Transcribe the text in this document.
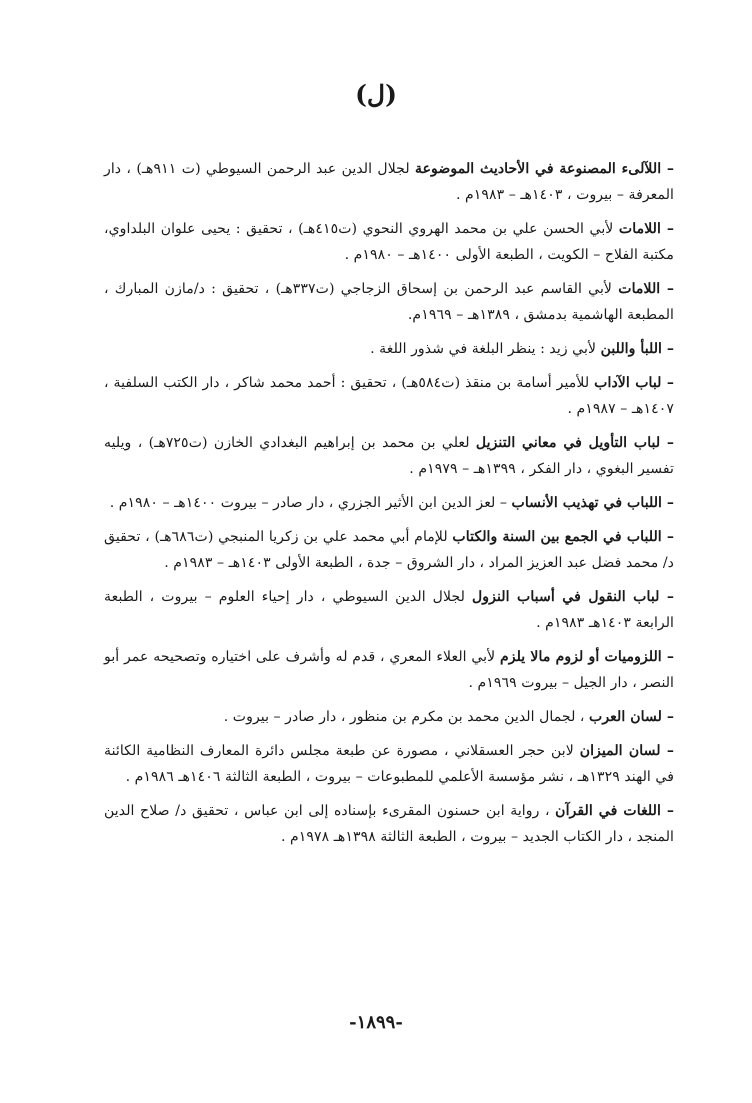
(ل)
– اللآلىء المصنوعة في الأحاديث الموضوعة لجلال الدين عبد الرحمن السيوطي (ت ٩١١هـ) ، دار المعرفة – بيروت ، ١٤٠٣هـ – ١٩٨٣م .
– اللامات لأبي الحسن علي بن محمد الهروي النحوي (ت٤١٥هـ) ، تحقيق : يحيى علوان البلداوي، مكتبة الفلاح – الكويت ، الطبعة الأولى ١٤٠٠هـ – ١٩٨٠م .
– اللامات لأبي القاسم عبد الرحمن بن إسحاق الزجاجي (ت٣٣٧هـ) ، تحقيق : د/مازن المبارك ، المطبعة الهاشمية بدمشق ، ١٣٨٩هـ – ١٩٦٩م.
– اللبأ واللبن لأبي زيد : ينظر البلغة في شذور اللغة .
– لباب الآداب للأمير أسامة بن منقذ (ت٥٨٤هـ) ، تحقيق : أحمد محمد شاكر ، دار الكتب السلفية ، ١٤٠٧هـ – ١٩٨٧م .
– لباب التأويل في معاني التنزيل لعلي بن محمد بن إبراهيم البغدادي الخازن (ت٧٢٥هـ) ، ويليه تفسير البغوي ، دار الفكر ، ١٣٩٩هـ – ١٩٧٩م .
– اللباب في تهذيب الأنساب – لعز الدين ابن الأثير الجزري ، دار صادر – بيروت ١٤٠٠هـ – ١٩٨٠م .
– اللباب في الجمع بين السنة والكتاب للإمام أبي محمد علي بن زكريا المنبجي (ت٦٨٦هـ) ، تحقيق د/ محمد فضل عبد العزيز المراد ، دار الشروق – جدة ، الطبعة الأولى ١٤٠٣هـ – ١٩٨٣م .
– لباب النقول في أسباب النزول لجلال الدين السيوطي ، دار إحياء العلوم – بيروت ، الطبعة الرابعة ١٤٠٣هـ ١٩٨٣م .
– اللزوميات أو لزوم مالا يلزم لأبي العلاء المعري ، قدم له وأشرف على اختياره وتصحيحه عمر أبو النصر ، دار الجيل – بيروت ١٩٦٩م .
– لسان العرب ، لجمال الدين محمد بن مكرم بن منظور ، دار صادر – بيروت .
– لسان الميزان لابن حجر العسقلاني ، مصورة عن طبعة مجلس دائرة المعارف النظامية الكائنة في الهند ١٣٢٩هـ ، نشر مؤسسة الأعلمي للمطبوعات – بيروت ، الطبعة الثالثة ١٤٠٦هـ ١٩٨٦م .
– اللغات في القرآن ، رواية ابن حسنون المقرىء بإسناده إلى ابن عباس ، تحقيق د/ صلاح الدين المنجد ، دار الكتاب الجديد – بيروت ، الطبعة الثالثة ١٣٩٨هـ ١٩٧٨م .
-١٨٩٩-
